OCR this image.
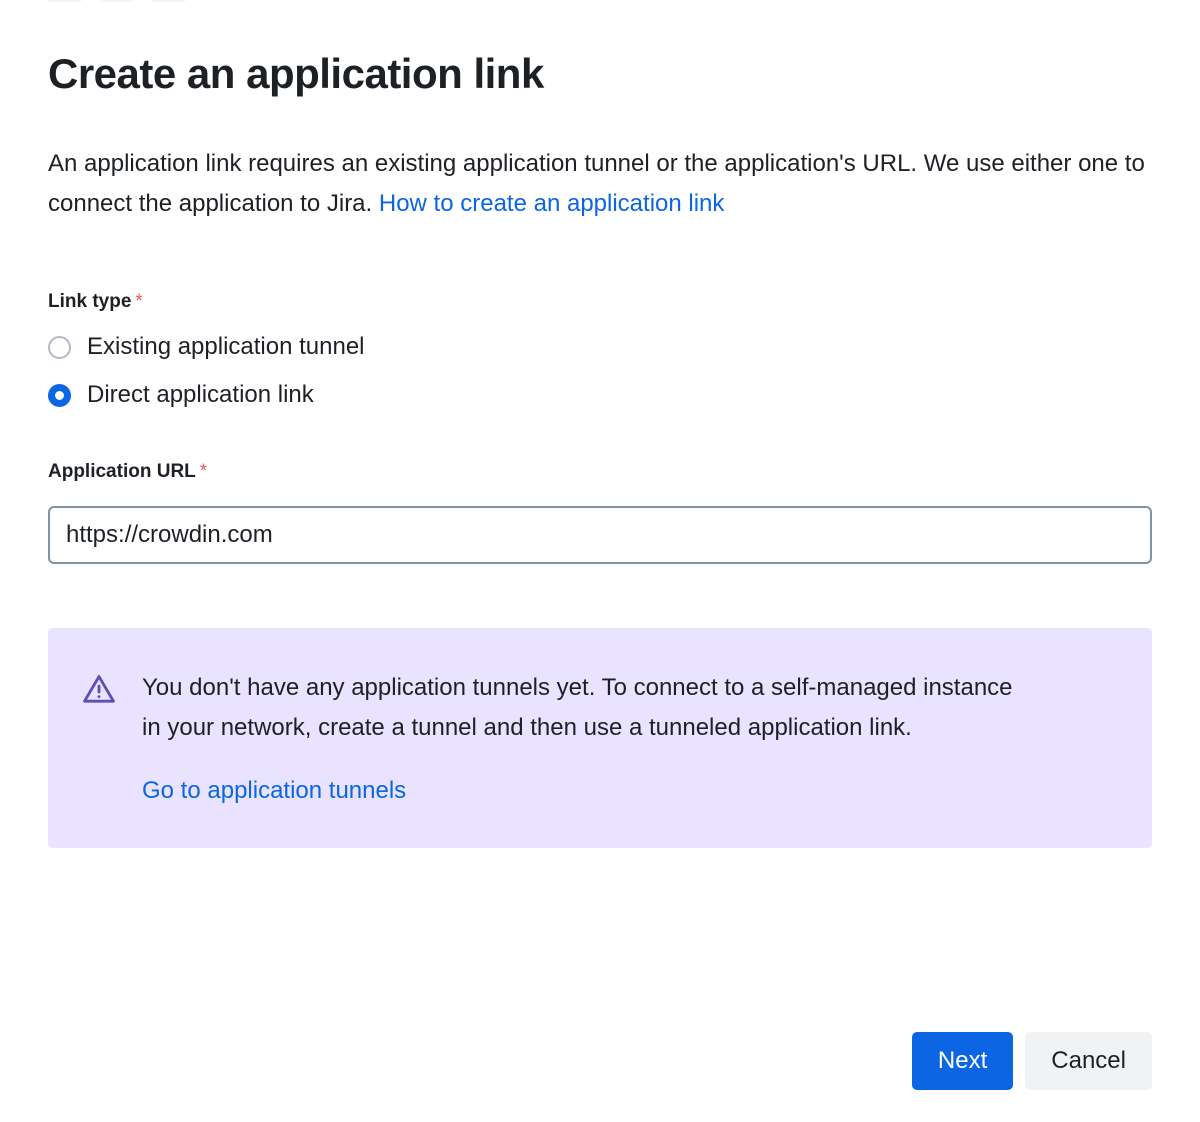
Create an application link

An application link requires an existing application tunnel or the application's URL. We use either one to connect the application to Jira. How to create an application link

Link type *
Existing application tunnel
Direct application link
Application URL *
https://crowdin.com

You don't have any application tunnels yet. To connect to a self-managed instance in your network, create a tunnel and then use a tunneled application link.

Go to application tunnels
Next	Cancel
